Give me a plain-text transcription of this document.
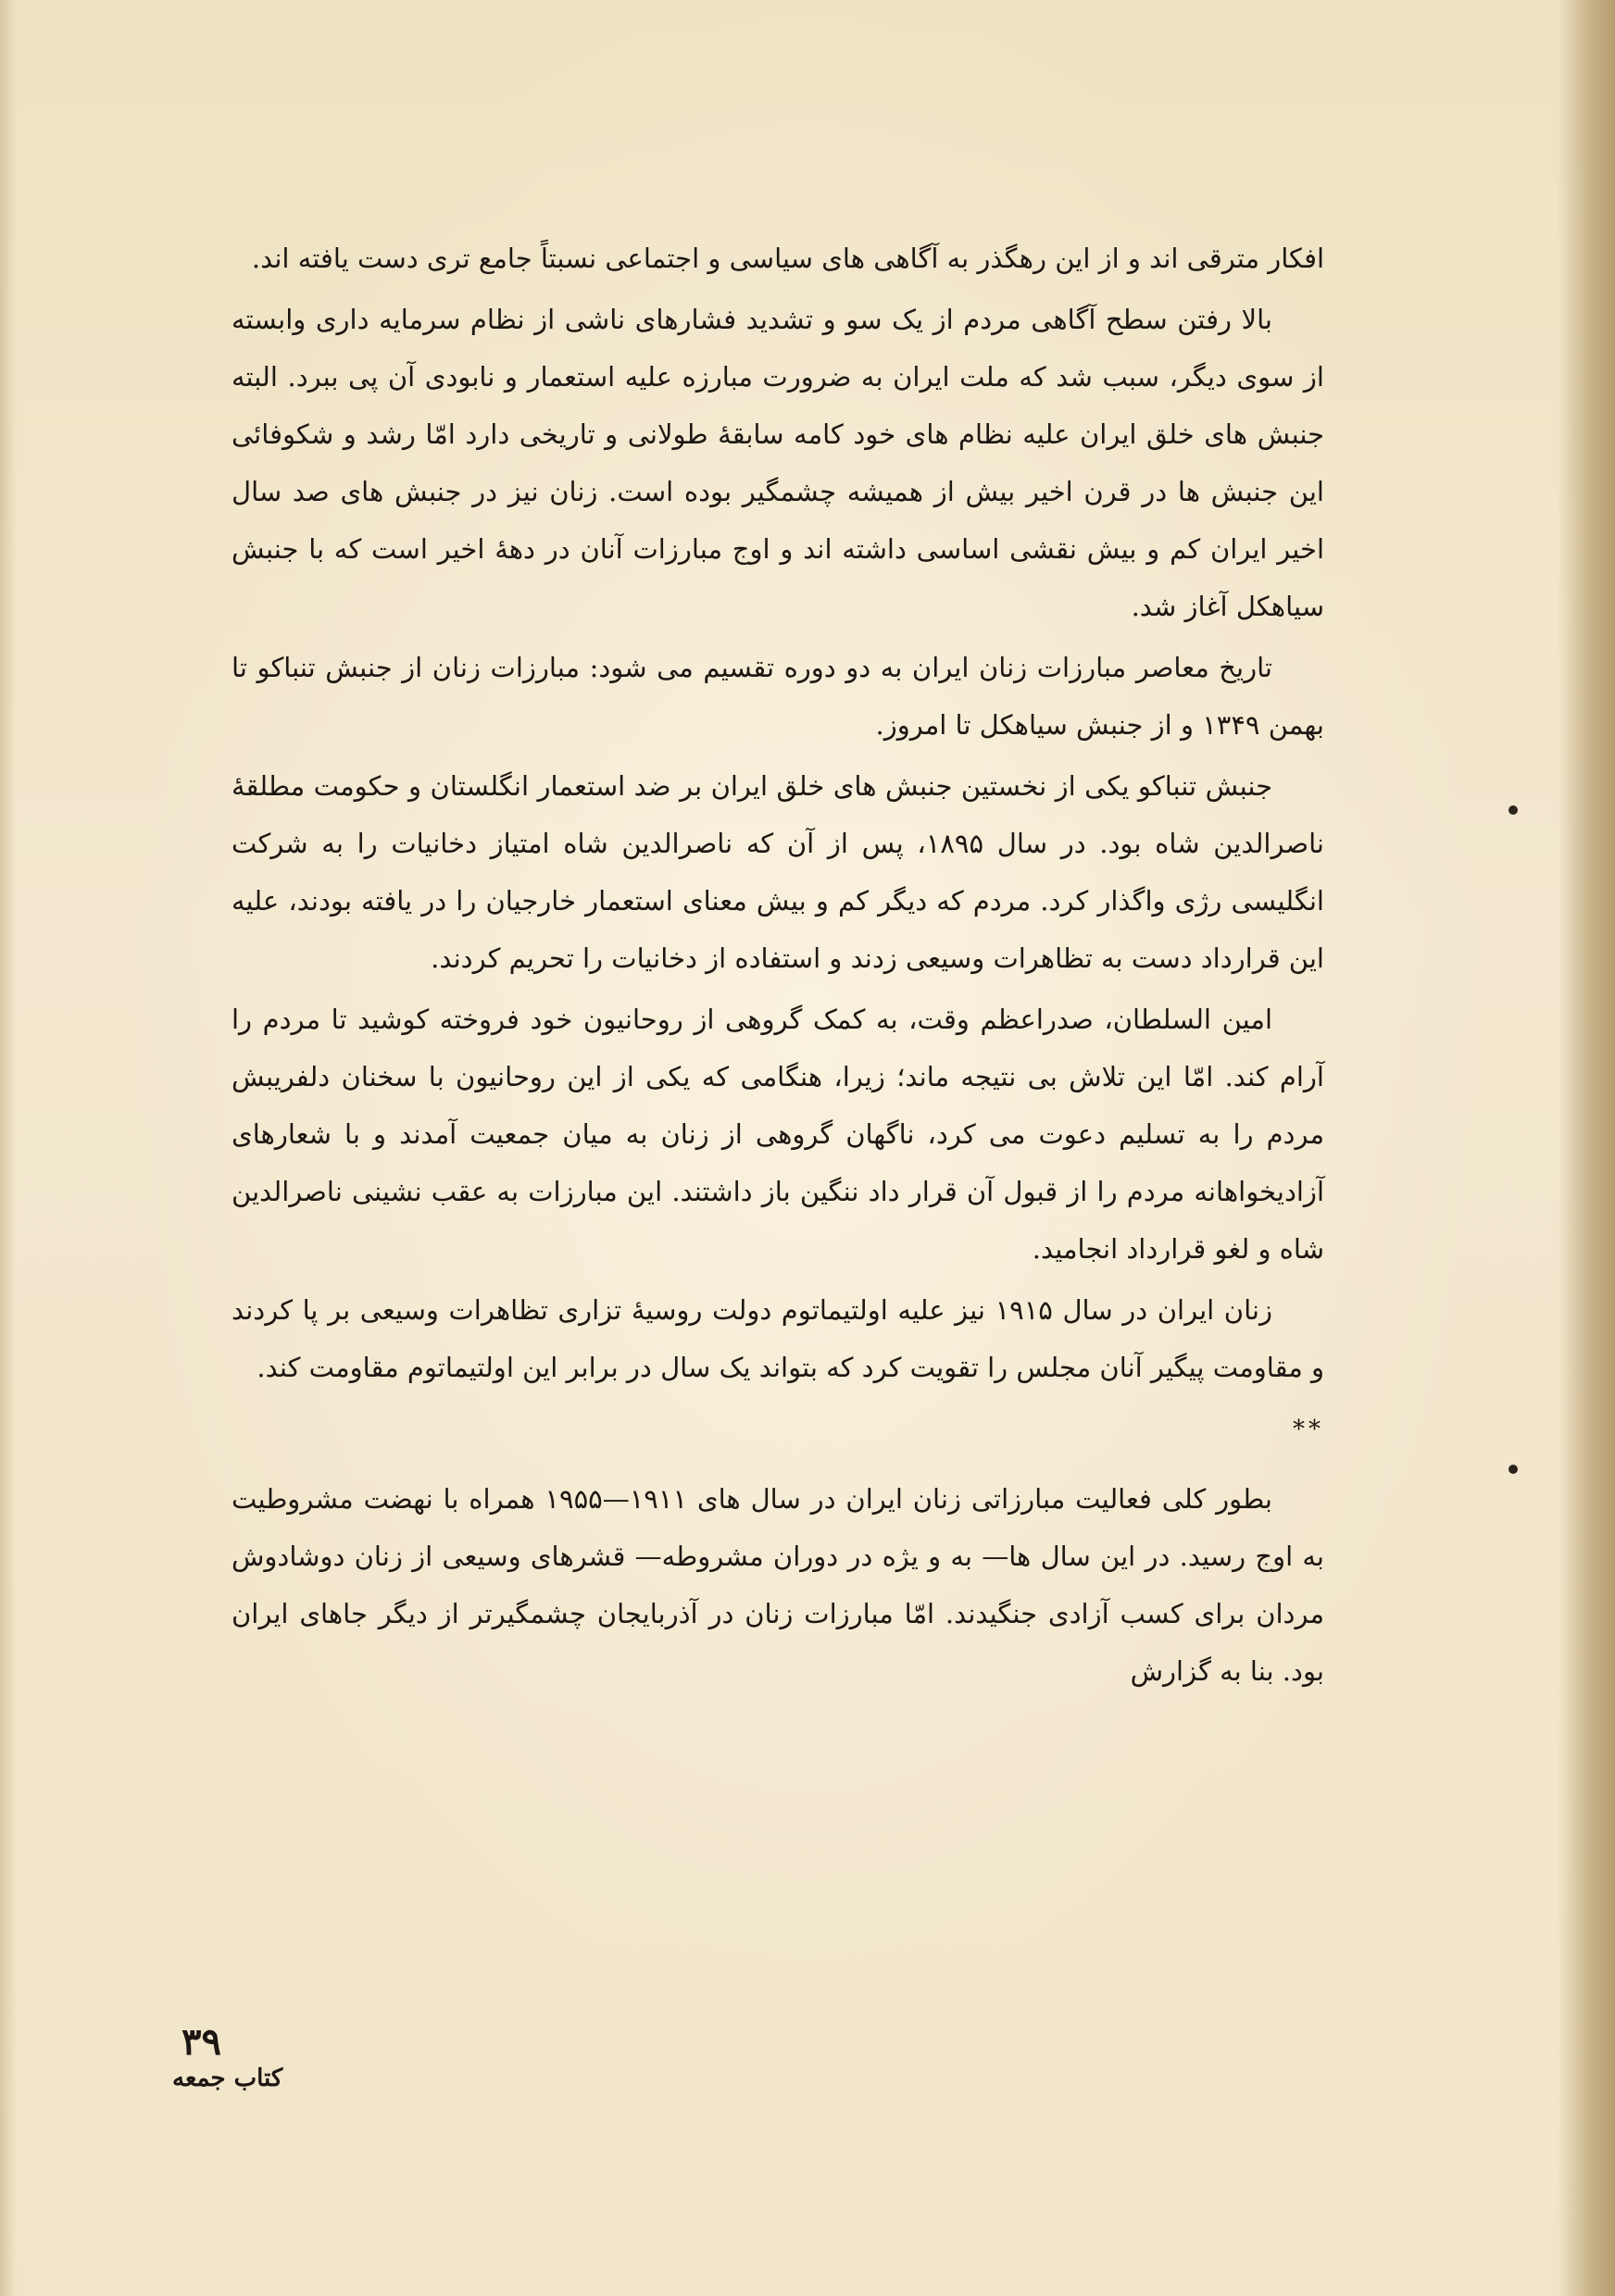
افکار مترقی اند و از این رهگذر به آگاهی های سیاسی و اجتماعی نسبتاً جامع تری دست یافته اند.

بالا رفتن سطح آگاهی مردم از یک سو و تشدید فشارهای ناشی از نظام سرمایه داری وابسته از سوی دیگر، سبب شد که ملت ایران به ضرورت مبارزه علیه استعمار و نابودی آن پی ببرد. البته جنبش های خلق ایران علیه نظام های خود کامه سابقهٔ طولانی و تاریخی دارد امّا رشد و شکوفائی این جنبش ها در قرن اخیر بیش از همیشه چشمگیر بوده است. زنان نیز در جنبش های صد سال اخیر ایران کم و بیش نقشی اساسی داشته اند و اوج مبارزات آنان در دههٔ اخیر است که با جنبش سیاهکل آغاز شد.

تاریخ معاصر مبارزات زنان ایران به دو دوره تقسیم می شود: مبارزات زنان از جنبش تنباکو تا بهمن ۱۳۴۹ و از جنبش سیاهکل تا امروز.

جنبش تنباکو یکی از نخستین جنبش های خلق ایران بر ضد استعمار انگلستان و حکومت مطلقهٔ ناصرالدین شاه بود. در سال ۱۸۹۵، پس از آن که ناصرالدین شاه امتیاز دخانیات را به شرکت انگلیسی رژی واگذار کرد. مردم که دیگر کم و بیش معنای استعمار خارجیان را در یافته بودند، علیه این قرارداد دست به تظاهرات وسیعی زدند و استفاده از دخانیات را تحریم کردند.

امین السلطان، صدراعظم وقت، به کمک گروهی از روحانیون خود فروخته کوشید تا مردم را آرام کند. امّا این تلاش بی نتیجه ماند؛ زیرا، هنگامی که یکی از این روحانیون با سخنان دلفریبش مردم را به تسلیم دعوت می کرد، ناگهان گروهی از زنان به میان جمعیت آمدند و با شعارهای آزادیخواهانه مردم را از قبول آن قرار داد ننگین باز داشتند. این مبارزات به عقب نشینی ناصرالدین شاه و لغو قرارداد انجامید.

زنان ایران در سال ۱۹۱۵ نیز علیه اولتیماتوم دولت روسیهٔ تزاری تظاهرات وسیعی بر پا کردند و مقاومت پیگیر آنان مجلس را تقویت کرد که بتواند یک سال در برابر این اولتیماتوم مقاومت کند.

**

بطور کلی فعالیت مبارزاتی زنان ایران در سال های ۱۹۱۱—۱۹۵۵ همراه با نهضت مشروطیت به اوج رسید. در این سال ها— به و یژه در دوران مشروطه— قشرهای وسیعی از زنان دوشادوش مردان برای کسب آزادی جنگیدند. امّا مبارزات زنان در آذربایجان چشمگیرتر از دیگر جاهای ایران بود. بنا به گزارش

۳۹
کتاب جمعه
